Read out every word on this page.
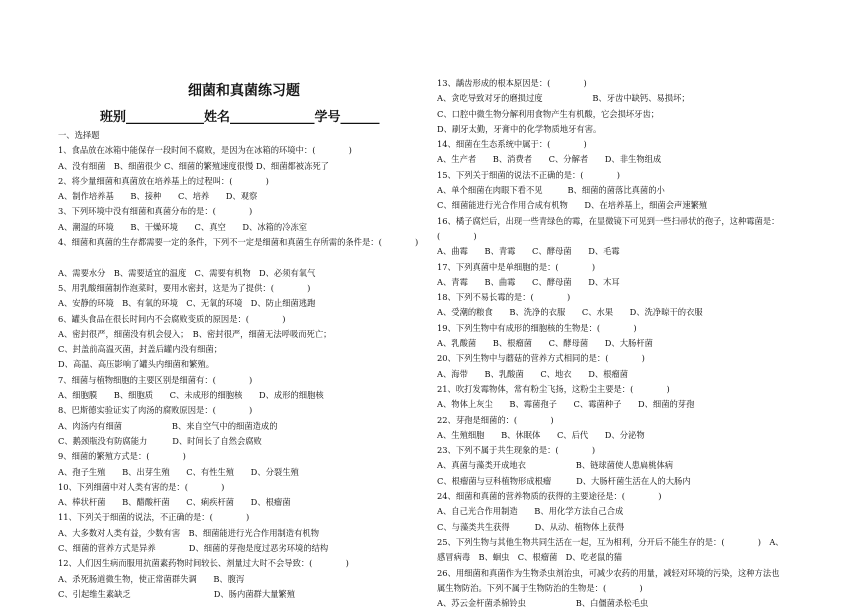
细菌和真菌练习题
班别____________姓名_____________学号______
一、选择题
1、食品放在冰箱中能保存一段时间不腐败，是因为在冰箱的环境中：(　　　　)
A、没有细菌　B、细菌很少 C、细菌的繁殖速度很慢 D、细菌都被冻死了
2、将少量细菌和真菌放在培养基上的过程叫：(　　　　)
A、制作培养基　　B、接种　　C、培养　　D、观察
3、下列环境中没有细菌和真菌分布的是：(　　　　)
A、潮湿的环境　　B、干燥环境　　C、真空　　D、冰箱的冷冻室
4、细菌和真菌的生存都需要一定的条件，下列不一定是细菌和真菌生存所需的条件是：(　　　　)
A、需要水分　B、需要适宜的温度　C、需要有机物　D、必须有氧气
5、用乳酸细菌制作泡菜时，要用水密封，这是为了提供：(　　　　)
A、安静的环境　B、有氧的环境　C、无氧的环境　D、防止细菌逃跑
6、罐头食品在很长时间内不会腐败变质的原因是：(　　　　)
A、密封很严，细菌没有机会侵入；　B、密封很严，细菌无法呼吸而死亡；
C、封盖前高温灭菌，封盖后罐内没有细菌；
D、高温、高压影响了罐头内细菌和繁殖。
7、细菌与植物细胞的主要区别是细菌有：(　　　　)
A、细胞膜　　B、细胞质　　C、未成形的细胞核　　D、成形的细胞核
8、巴斯德实验证实了肉汤的腐败原因是：(　　　　)
A、肉汤内有细菌　　　　　　B、来自空气中的细菌造成的
C、鹅颈瓶没有防腐能力　　　D、时间长了自然会腐败
9、细菌的繁殖方式是：(　　　　)
A、孢子生殖　　B、出芽生殖　　C、有性生殖　　D、分裂生殖
10、下列细菌中对人类有害的是：(　　　　)
A、棒状杆菌　　B、醋酸杆菌　　C、痢疾杆菌　　D、根瘤菌
11、下列关于细菌的说法，不正确的是：(　　　　)
A、大多数对人类有益，少数有害　B、细菌能进行光合作用制造有机物
C、细菌的营养方式是异养　　　　D、细菌的芽孢是度过恶劣环境的结构
12、人们因生病而服用抗菌素药物时间较长、剂量过大时不会导致：(　　　　)
A、杀死肠道微生物，使正常菌群失调　　B、腹泻
C、引起维生素缺乏　　　　　　　　　　D、肠内菌群大量繁殖
13、龋齿形成的根本原因是：(　　　　)
A、贪吃导致对牙的磨损过度　　　　　　B、牙齿中缺钙、易损坏；
C、口腔中微生物分解利用食物产生有机酸，它会损坏牙齿；
D、刷牙太勤，牙膏中的化学物质地牙有害。
14、细菌在生态系统中属于：(　　　　)
A、生产者　　B、消费者　　C、分解者　　D、非生物组成
15、下列关于细菌的说法不正确的是：(　　　　)
A、单个细菌在肉眼下看不见　　　B、细菌的菌落比真菌的小
C、细菌能进行光合作用合成有机物　　D、在培养基上，细菌会声速繁殖
16、橘子腐烂后，出现一些青绿色的霉，在显微镜下可见到一些扫帚状的孢子，这种霉菌是：
(　　　　)
A、曲霉　　B、青霉　　C、酵母菌　　D、毛霉
17、下列真菌中是单细胞的是：(　　　　)
A、青霉　　B、曲霉　　C、酵母菌　　D、木耳
18、下列不易长霉的是：(　　　　)
A、受潮的粮食　　B、洗净的衣服　　C、水果　　D、洗净晾干的衣服
19、下列生物中有成形的细胞核的生物是：(　　　　)
A、乳酸菌　　B、根瘤菌　　C、酵母菌　　D、大肠杆菌
20、下列生物中与蘑菇的营养方式相同的是：(　　　　)
A、海带　　B、乳酸菌　　C、地衣　　D、根瘤菌
21、吹打发霉物体，常有粉尘飞扬，这粉尘主要是：(　　　　)
A、物体上灰尘　　B、霉菌孢子　　C、霉菌种子　　D、细菌的芽孢
22、芽孢是细菌的：(　　　　)
A、生殖细胞　　B、休眠体　　C、后代　　D、分泌物
23、下列不属于共生现象的是：(　　　　)
A、真菌与藻类开成地衣　　　　　　B、链球菌使人患扁桃体病
C、根瘤菌与豆科植物形成根瘤　　　D、大肠杆菌生活在人的大肠内
24、细菌和真菌的营养物质的获得的主要途径是：(　　　　)
A、自己光合作用制造　　B、用化学方法自己合成
C、与藻类共生获得　　　D、从动、植物体上获得
25、下列生物与其他生物共同生活在一起，互为相利，分开后不能生存的是：(　　　　)　A、
感冒病毒　B、蛔虫　C、根瘤菌　D、吃老鼠的猫
26、用细菌和真菌作为生物杀虫剂治虫，可减少农药的用量，减轻对环境的污染，这种方法也
属生物防治。下列不属于生物防治的生物是：(　　　　)
A、苏云金杆菌杀棉铃虫　　　　　　B、白僵菌杀松毛虫
